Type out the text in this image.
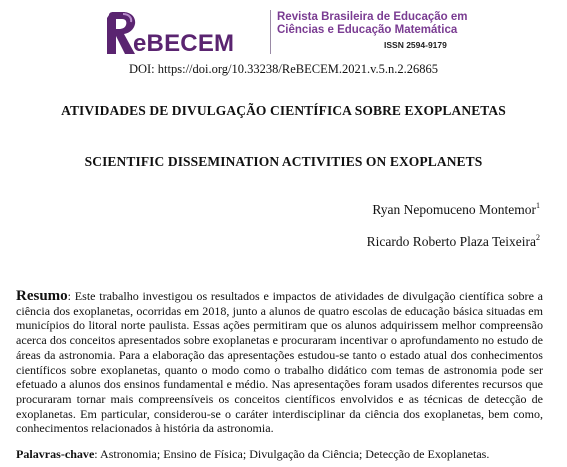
eBECEM
Revista Brasileira de Educação em
Ciências e Educação Matemática
ISSN 2594-9179
DOI: https://doi.org/10.33238/ReBECEM.2021.v.5.n.2.26865
ATIVIDADES DE DIVULGAÇÃO CIENTÍFICA SOBRE EXOPLANETAS
SCIENTIFIC DISSEMINATION ACTIVITIES ON EXOPLANETS
Ryan Nepomuceno Montemor$^1$
Ricardo Roberto Plaza Teixeira$^2$
Resumo: Este trabalho investigou os resultados e impactos de atividades de divulgação científica sobre a ciência dos exoplanetas, ocorridas em 2018, junto a alunos de quatro escolas de educação básica situadas em municípios do litoral norte paulista. Essas ações permitiram que os alunos adquirissem melhor compreensão acerca dos conceitos apresentados sobre exoplanetas e procuraram incentivar o aprofundamento no estudo de áreas da astronomia. Para a elaboração das apresentações estudou-se tanto o estado atual dos conhecimentos científicos sobre exoplanetas, quanto o modo como o trabalho didático com temas de astronomia pode ser efetuado a alunos dos ensinos fundamental e médio. Nas apresentações foram usados diferentes recursos que procuraram tornar mais compreensíveis os conceitos científicos envolvidos e as técnicas de detecção de exoplanetas. Em particular, considerou-se o caráter interdisciplinar da ciência dos exoplanetas, bem como, conhecimentos relacionados à história da astronomia.
Palavras-chave: Astronomia; Ensino de Física; Divulgação da Ciência; Detecção de Exoplanetas.
